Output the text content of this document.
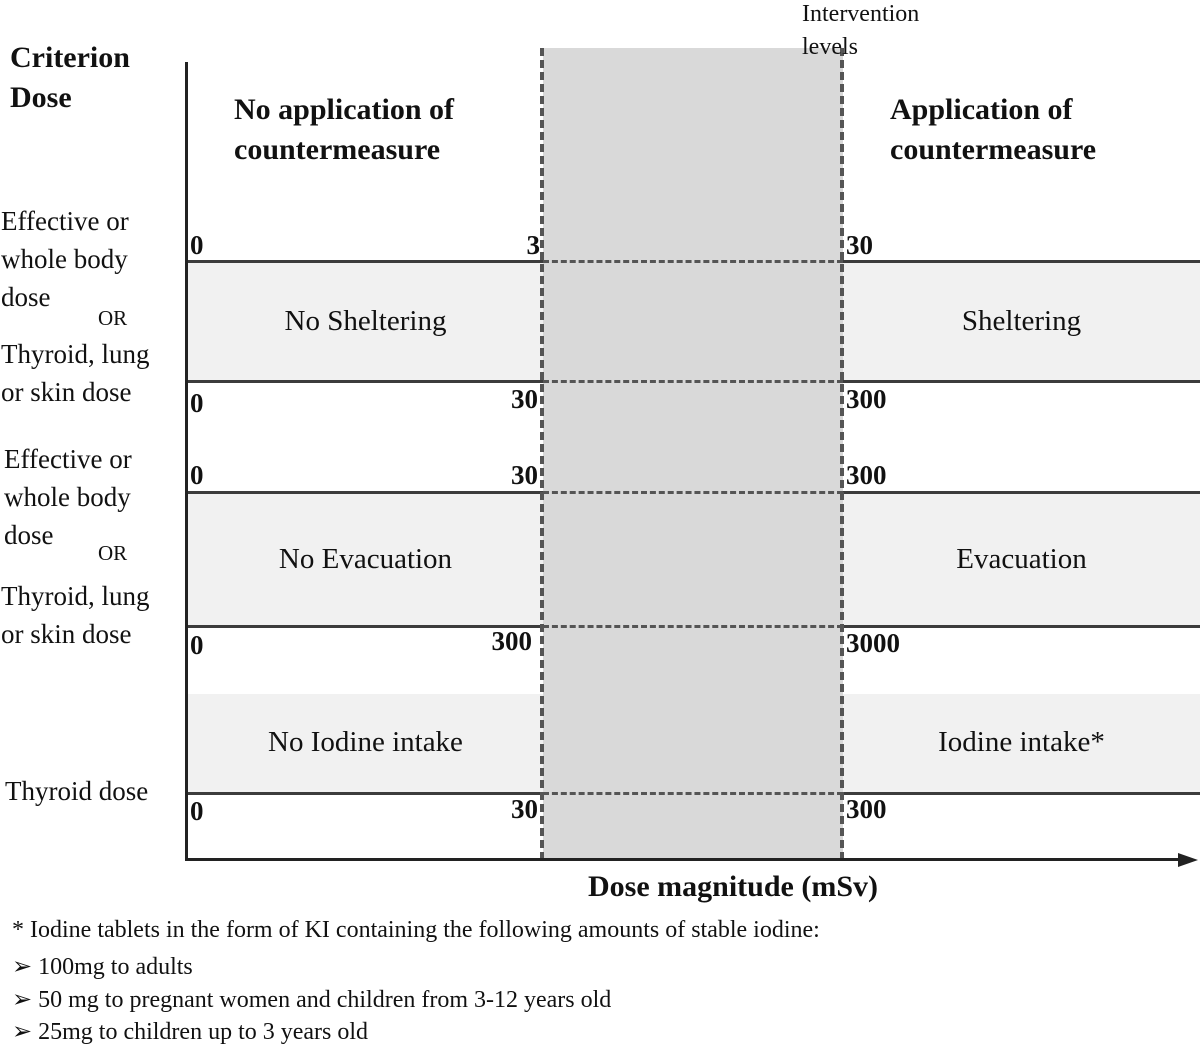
Criterion
Dose
Intervention
levels
No application of
countermeasure
Application of
countermeasure
Effective or
whole body
dose
OR
Thyroid, lung
or skin dose
Effective or
whole body
dose
OR
Thyroid, lung
or skin dose
Thyroid dose
No Sheltering	Sheltering
No Evacuation	Evacuation
No Iodine intake	Iodine intake*
0	3	30
0	30	300
0	30	300
0	300	3000
0	30	300
Dose magnitude (mSv)
* Iodine tablets in the form of KI containing the following amounts of stable iodine:
➢ 100mg to adults
➢ 50 mg to pregnant women and children from 3-12 years old
➢ 25mg to children up to 3 years old
